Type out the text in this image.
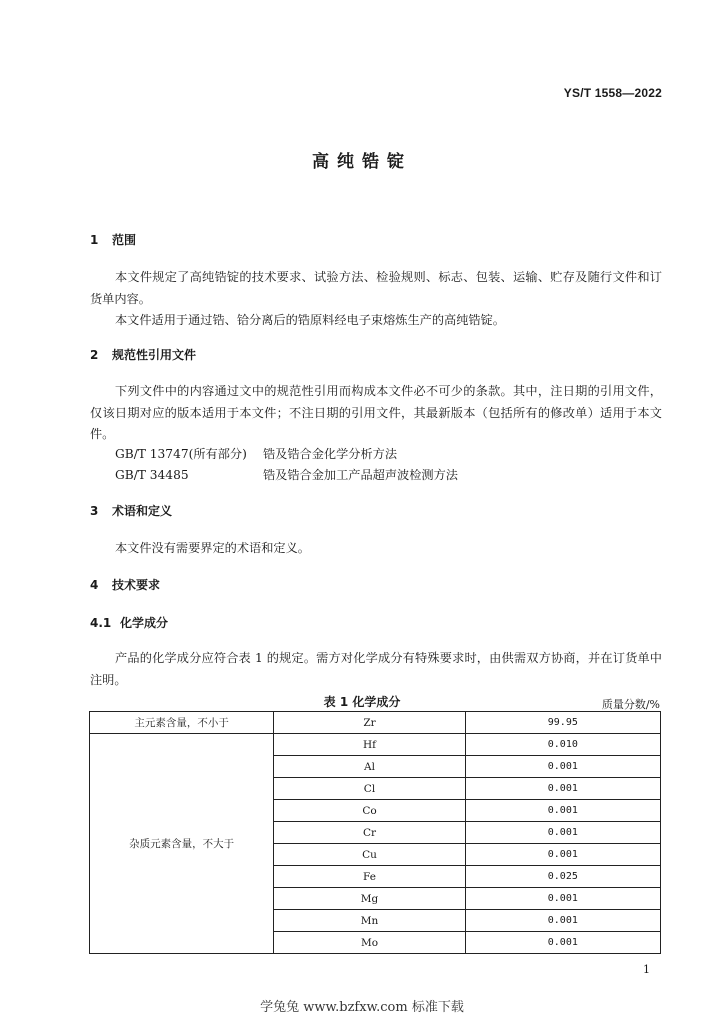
YS/T 1558—2022
高纯锆锭
1 范围
本文件规定了高纯锆锭的技术要求、试验方法、检验规则、标志、包装、运输、贮存及随行文件和订货单内容。
本文件适用于通过锆、铪分离后的锆原料经电子束熔炼生产的高纯锆锭。
2 规范性引用文件
下列文件中的内容通过文中的规范性引用而构成本文件必不可少的条款。其中，注日期的引用文件，仅该日期对应的版本适用于本文件；不注日期的引用文件，其最新版本（包括所有的修改单）适用于本文件。
GB/T 13747(所有部分) 锆及锆合金化学分析方法
GB/T 34485	锆及锆合金加工产品超声波检测方法
3 术语和定义
本文件没有需要界定的术语和定义。
4 技术要求
4.1 化学成分
产品的化学成分应符合表 1 的规定。需方对化学成分有特殊要求时，由供需双方协商，并在订货单中注明。
表 1 化学成分	质量分数/%
主元素含量，不小于	Zr	99.95
杂质元素含量，不大于	Hf	0.010
	Al	0.001
	Cl	0.001
	Co	0.001
	Cr	0.001
	Cu	0.001
	Fe	0.025
	Mg	0.001
	Mn	0.001
	Mo	0.001
1
学兔兔 www.bzfxw.com 标准下载
